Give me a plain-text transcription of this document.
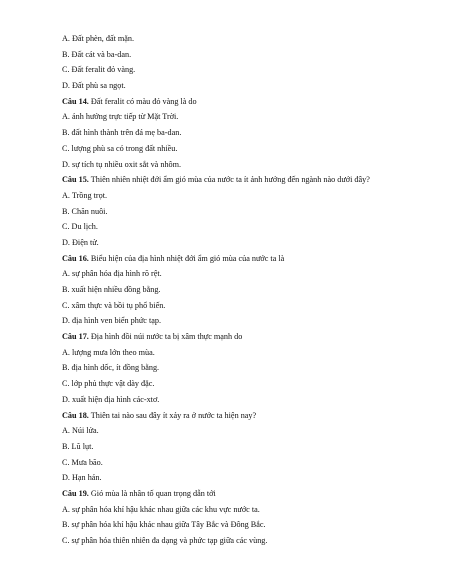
A. Đất phèn, đất mặn.
B. Đất cát và ba-dan.
C. Đất feralit đỏ vàng.
D. Đất phù sa ngọt.
Câu 14. Đất feralit có màu đỏ vàng là do
A. ảnh hưởng trực tiếp từ Mặt Trời.
B. đất hình thành trên đá mẹ ba-dan.
C. lượng phù sa có trong đất nhiều.
D. sự tích tụ nhiều oxit sắt và nhôm.
Câu 15. Thiên nhiên nhiệt đới ẩm gió mùa của nước ta ít ảnh hưởng đến ngành nào dưới đây?
A. Trồng trọt.
B. Chăn nuôi.
C. Du lịch.
D. Điện tử.
Câu 16. Biểu hiện của địa hình nhiệt đới ẩm gió mùa của nước ta là
A. sự phân hóa địa hình rõ rệt.
B. xuất hiện nhiều đồng bằng.
C. xâm thực và bồi tụ phổ biến.
D. địa hình ven biển phức tạp.
Câu 17. Địa hình đồi núi nước ta bị xâm thực mạnh do
A. lượng mưa lớn theo mùa.
B. địa hình dốc, ít đồng bằng.
C. lớp phủ thực vật dày đặc.
D. xuất hiện địa hình các-xtơ.
Câu 18. Thiên tai nào sau đây ít xảy ra ở nước ta hiện nay?
A. Núi lửa.
B. Lũ lụt.
C. Mưa bão.
D. Hạn hán.
Câu 19. Gió mùa là nhân tố quan trọng dẫn tới
A. sự phân hóa khí hậu khác nhau giữa các khu vực nước ta.
B. sự phân hóa khí hậu khác nhau giữa Tây Bắc và Đông Bắc.
C. sự phân hóa thiên nhiên đa dạng và phức tạp giữa các vùng.
